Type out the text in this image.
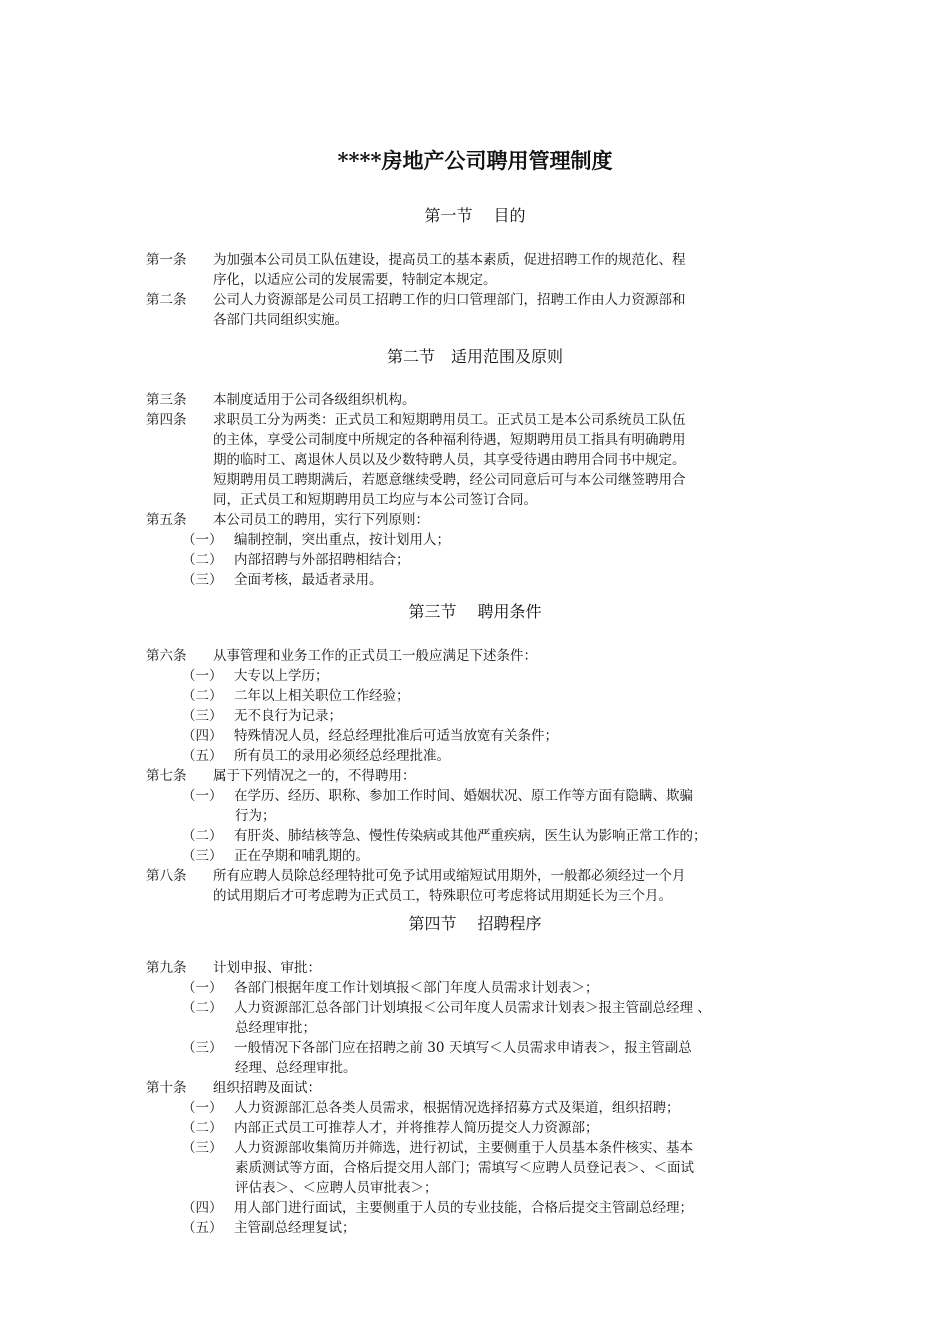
****房地产公司聘用管理制度
第一节　 目的
第一条 为加强本公司员工队伍建设，提高员工的基本素质，促进招聘工作的规范化、程
序化，以适应公司的发展需要，特制定本规定。
第二条 公司人力资源部是公司员工招聘工作的归口管理部门，招聘工作由人力资源部和
各部门共同组织实施。
第二节　适用范围及原则
第三条 本制度适用于公司各级组织机构。
第四条 求职员工分为两类：正式员工和短期聘用员工。正式员工是本公司系统员工队伍
的主体，享受公司制度中所规定的各种福利待遇，短期聘用员工指具有明确聘用
期的临时工、离退休人员以及少数特聘人员，其享受待遇由聘用合同书中规定。
短期聘用员工聘期满后，若愿意继续受聘，经公司同意后可与本公司继签聘用合
同，正式员工和短期聘用员工均应与本公司签订合同。
第五条 本公司员工的聘用，实行下列原则：
（一） 编制控制，突出重点，按计划用人；
（二） 内部招聘与外部招聘相结合；
（三） 全面考核，最适者录用。
第三节　 聘用条件
第六条 从事管理和业务工作的正式员工一般应满足下述条件：
（一） 大专以上学历；
（二） 二年以上相关职位工作经验；
（三） 无不良行为记录；
（四） 特殊情况人员，经总经理批准后可适当放宽有关条件；
（五） 所有员工的录用必须经总经理批准。
第七条 属于下列情况之一的，不得聘用：
（一） 在学历、经历、职称、参加工作时间、婚姻状况、原工作等方面有隐瞒、欺骗
行为；
（二） 有肝炎、肺结核等急、慢性传染病或其他严重疾病，医生认为影响正常工作的；
（三） 正在孕期和哺乳期的。
第八条 所有应聘人员除总经理特批可免予试用或缩短试用期外，一般都必须经过一个月
的试用期后才可考虑聘为正式员工，特殊职位可考虑将试用期延长为三个月。
第四节　 招聘程序
第九条 计划申报、审批：
（一） 各部门根据年度工作计划填报＜部门年度人员需求计划表＞；
（二） 人力资源部汇总各部门计划填报＜公司年度人员需求计划表＞报主管副总经理 、
总经理审批；
（三） 一般情况下各部门应在招聘之前 30 天填写＜人员需求申请表＞，报主管副总
经理、总经理审批。
第十条 组织招聘及面试：
（一） 人力资源部汇总各类人员需求，根据情况选择招募方式及渠道，组织招聘；
（二） 内部正式员工可推荐人才，并将推荐人简历提交人力资源部；
（三） 人力资源部收集简历并筛选，进行初试，主要侧重于人员基本条件核实、基本
素质测试等方面，合格后提交用人部门；需填写＜应聘人员登记表＞、＜面试
评估表＞、＜应聘人员审批表＞；
（四） 用人部门进行面试，主要侧重于人员的专业技能，合格后提交主管副总经理；
（五） 主管副总经理复试；
